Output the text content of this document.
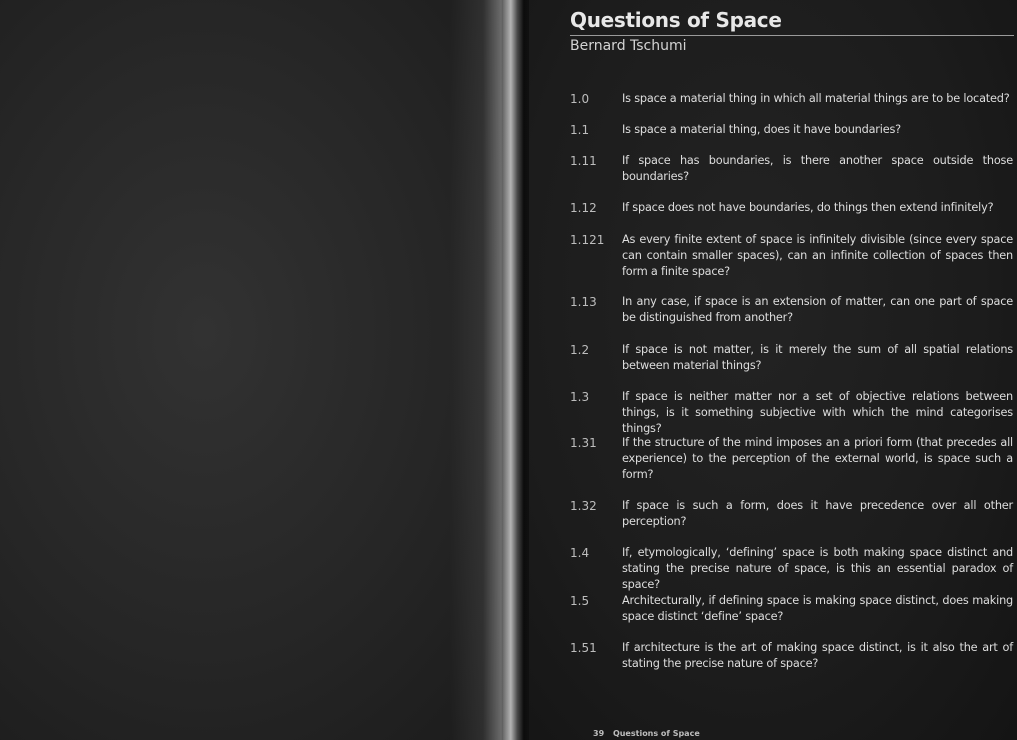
Questions of Space
Bernard Tschumi
1.0	Is space a material thing in which all material things are to be located?
1.1	Is space a material thing, does it have boundaries?
1.11 If space has boundaries, is there another space outside those boundaries?
1.12 If space does not have boundaries, do things then extend infinitely?
1.121 As every finite extent of space is infinitely divisible (since every space can contain smaller spaces), can an infinite collection of spaces then form a finite space?
1.13 In any case, if space is an extension of matter, can one part of space be distinguished from another?
1.2	If space is not matter, is it merely the sum of all spatial relations between material things?
1.3	If space is neither matter nor a set of objective relations between things, is it something subjective with which the mind categorises things?
1.31 If the structure of the mind imposes an a priori form (that precedes all experience) to the perception of the external world, is space such a form?
1.32 If space is such a form, does it have precedence over all other perception?
1.4	If, etymologically, ‘defining’ space is both making space distinct and stating the precise nature of space, is this an essential paradox of space?
1.5	Architecturally, if defining space is making space distinct, does making space distinct ‘define’ space?
1.51 If architecture is the art of making space distinct, is it also the art of stating the precise nature of space?
39 Questions of Space
